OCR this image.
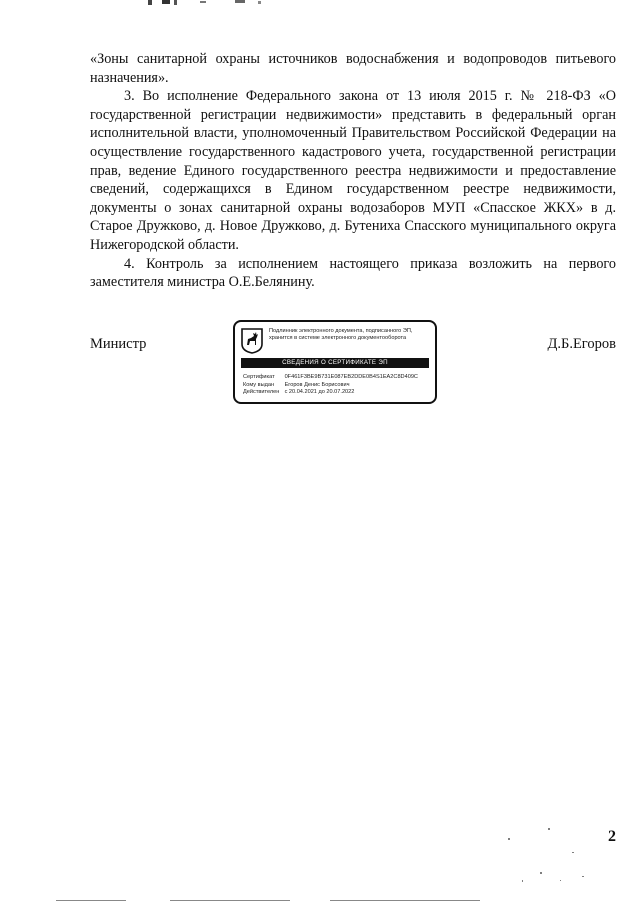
«Зоны санитарной охраны источников водоснабжения и водопроводов питьевого назначения».

3. Во исполнение Федерального закона от 13 июля 2015 г. № 218-ФЗ «О государственной регистрации недвижимости» представить в федеральный орган исполнительной власти, уполномоченный Правительством Российской Федерации на осуществление государственного кадастрового учета, государственной регистрации прав, ведение Единого государственного реестра недвижимости и предоставление сведений, содержащихся в Едином государственном реестре недвижимости, документы о зонах санитарной охраны водозаборов МУП «Спасское ЖКХ» в д. Старое Дружково, д. Новое Дружково, д. Бутениха Спасского муниципального округа Нижегородской области.

4. Контроль за исполнением настоящего приказа возложить на первого заместителя министра О.Е.Белянину.

Министр	Д.Б.Егоров
Подлинник электронного документа, подписанного ЭП, хранится в системе электронного документооборота
СВЕДЕНИЯ О СЕРТИФИКАТЕ ЭП
Сертификат 0F461F3BE9B731E087EB2DDE0B4S1EA2C8D409C
Кому выдан Егоров Денис Борисович
Действителен с 20.04.2021 до 20.07.2022
2
